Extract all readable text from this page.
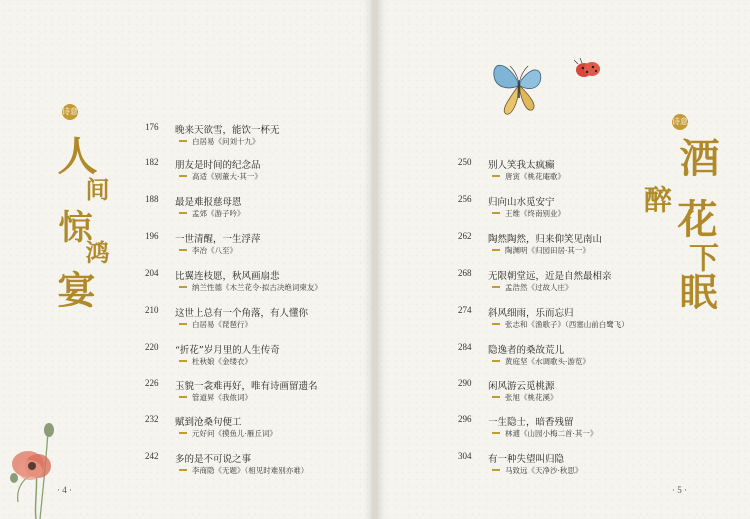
诗意
人
间
惊
鸿
宴
176 晚来天欲雪，能饮一杯无
白居易《问刘十九》
182 朋友是时间的纪念品
高适《别董大·其一》
188 最是难报慈母恩
孟郊《游子吟》
196 一世清醒，一生浮萍
李冶《八至》
204 比翼连枝愿，秋风画扇悲
纳兰性德《木兰花令·拟古决绝词柬友》
210 这世上总有一个角落，有人懂你
白居易《琵琶行》
220 “折花”岁月里的人生传奇
杜秋娘《金缕衣》
226 玉貌一衾难再好，唯有诗画留遗名
管道昇《我侬词》
232 赋到沧桑句便工
元好问《摸鱼儿·雁丘词》
242 多的是不可说之事
李商隐《无题》（相见时难别亦难）
· 4 ·
诗意
酒
醉
花
下
眠
250 别人笑我太疯癫
唐寅《桃花庵歌》
256 归向山水觅安宁
王维《终南别业》
262 陶然陶然，归来仰笑见南山
陶渊明《归园田居·其一》
268 无限朝堂远，近是自然最相亲
孟浩然《过故人庄》
274 斜风细雨，乐而忘归
张志和《渔歌子》（西塞山前白鹭飞）
284 隐逸者的桑故荒儿
黄庭坚《水调歌头·游览》
290 闲风游云觅桃源
张旭《桃花溪》
296 一生隐士，暗香残留
林逋《山园小梅二首·其一》
304 有一种失望叫归隐
马致远《天净沙·秋思》
· 5 ·
